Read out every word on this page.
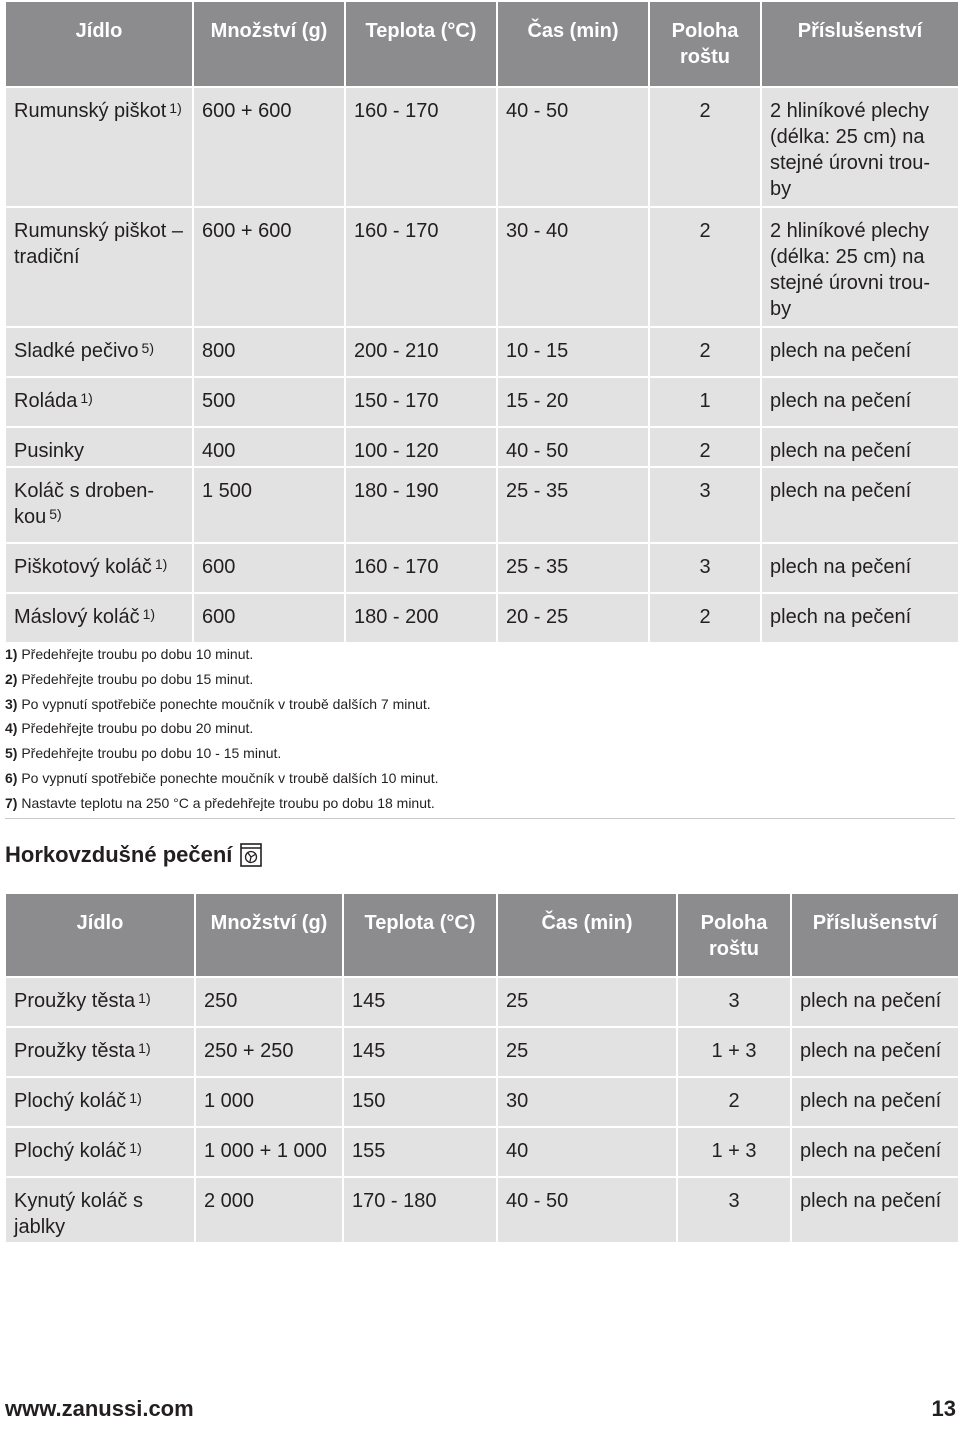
Jídlo	Množství (g)	Teplota (°C)	Čas (min)	Poloha roštu	Příslušenství
Rumunský piškot $^{1)}$	600 + 600	160 - 170	40 - 50	2	2 hliníkové plechy (délka: 25 cm) na stejné úrovni trou-by
Rumunský piškot – tradiční	600 + 600	160 - 170	30 - 40	2	2 hliníkové plechy (délka: 25 cm) na stejné úrovni trou-by
Sladké pečivo $^{5)}$	800	200 - 210	10 - 15	2	plech na pečení
Roláda $^{1)}$	500	150 - 170	15 - 20	1	plech na pečení
Pusinky	400	100 - 120	40 - 50	2	plech na pečení
Koláč s droben-kou $^{5)}$	1 500	180 - 190	25 - 35	3	plech na pečení
Piškotový koláč $^{1)}$	600	160 - 170	25 - 35	3	plech na pečení
Máslový koláč $^{1)}$	600	180 - 200	20 - 25	2	plech na pečení
1) Předehřejte troubu po dobu 10 minut.
2) Předehřejte troubu po dobu 15 minut.
3) Po vypnutí spotřebiče ponechte moučník v troubě dalších 7 minut.
4) Předehřejte troubu po dobu 20 minut.
5) Předehřejte troubu po dobu 10 - 15 minut.
6) Po vypnutí spotřebiče ponechte moučník v troubě dalších 10 minut.
7) Nastavte teplotu na 250 °C a předehřejte troubu po dobu 18 minut.
Horkovzdušné pečení
Jídlo	Množství (g)	Teplota (°C)	Čas (min)	Poloha roštu	Příslušenství
Proužky těsta $^{1)}$	250	145	25	3	plech na pečení
Proužky těsta $^{1)}$	250 + 250	145	25	1 + 3	plech na pečení
Plochý koláč $^{1)}$	1 000	150	30	2	plech na pečení
Plochý koláč $^{1)}$	1 000 + 1 000	155	40	1 + 3	plech na pečení
Kynutý koláč s jablky	2 000	170 - 180	40 - 50	3	plech na pečení
www.zanussi.com	13
